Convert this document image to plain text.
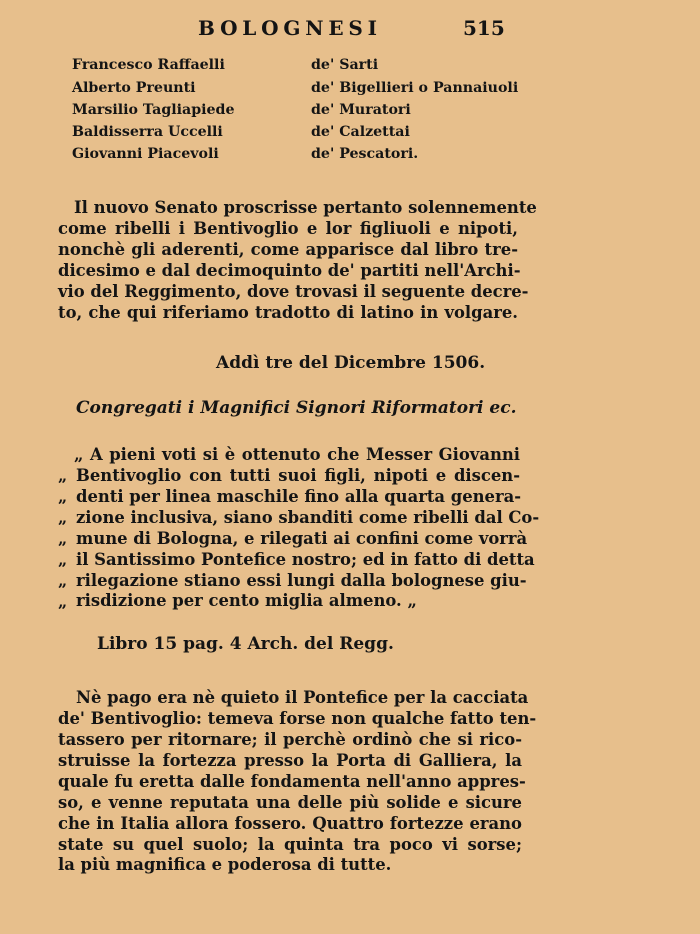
BOLOGNESI	515
Francesco Raffaelli	de' Sarti
Alberto Preunti	de' Bigellieri o Pannaiuoli
Marsilio Tagliapiede	de' Muratori
Baldisserra Uccelli	de' Calzettai
Giovanni Piacevoli	de' Pescatori.
Il nuovo Senato proscrisse pertanto solennemente
come ribelli i Bentivoglio e lor figliuoli e nipoti,
nonchè gli aderenti, come apparisce dal libro tre-
dicesimo e dal decimoquinto de' partiti nell'Archi-
vio del Reggimento, dove trovasi il seguente decre-
to, che qui riferiamo tradotto di latino in volgare.
Addì tre del Dicembre 1506.
Congregati i Magnifici Signori Riformatori ec.
„ A pieni voti si è ottenuto che Messer Giovanni
„ Bentivoglio con tutti suoi figli, nipoti e discen-
„ denti per linea maschile fino alla quarta genera-
„ zione inclusiva, siano sbanditi come ribelli dal Co-
„ mune di Bologna, e rilegati ai confini come vorrà
„ il Santissimo Pontefice nostro; ed in fatto di detta
„ rilegazione stiano essi lungi dalla bolognese giu-
„ risdizione per cento miglia almeno. „
Libro 15 pag. 4 Arch. del Regg.
Nè pago era nè quieto il Pontefice per la cacciata
de' Bentivoglio: temeva forse non qualche fatto ten-
tassero per ritornare; il perchè ordinò che si rico-
struisse la fortezza presso la Porta di Galliera, la
quale fu eretta dalle fondamenta nell'anno appres-
so, e venne reputata una delle più solide e sicure
che in Italia allora fossero. Quattro fortezze erano
state su quel suolo; la quinta tra poco vi sorse;
la più magnifica e poderosa di tutte.
